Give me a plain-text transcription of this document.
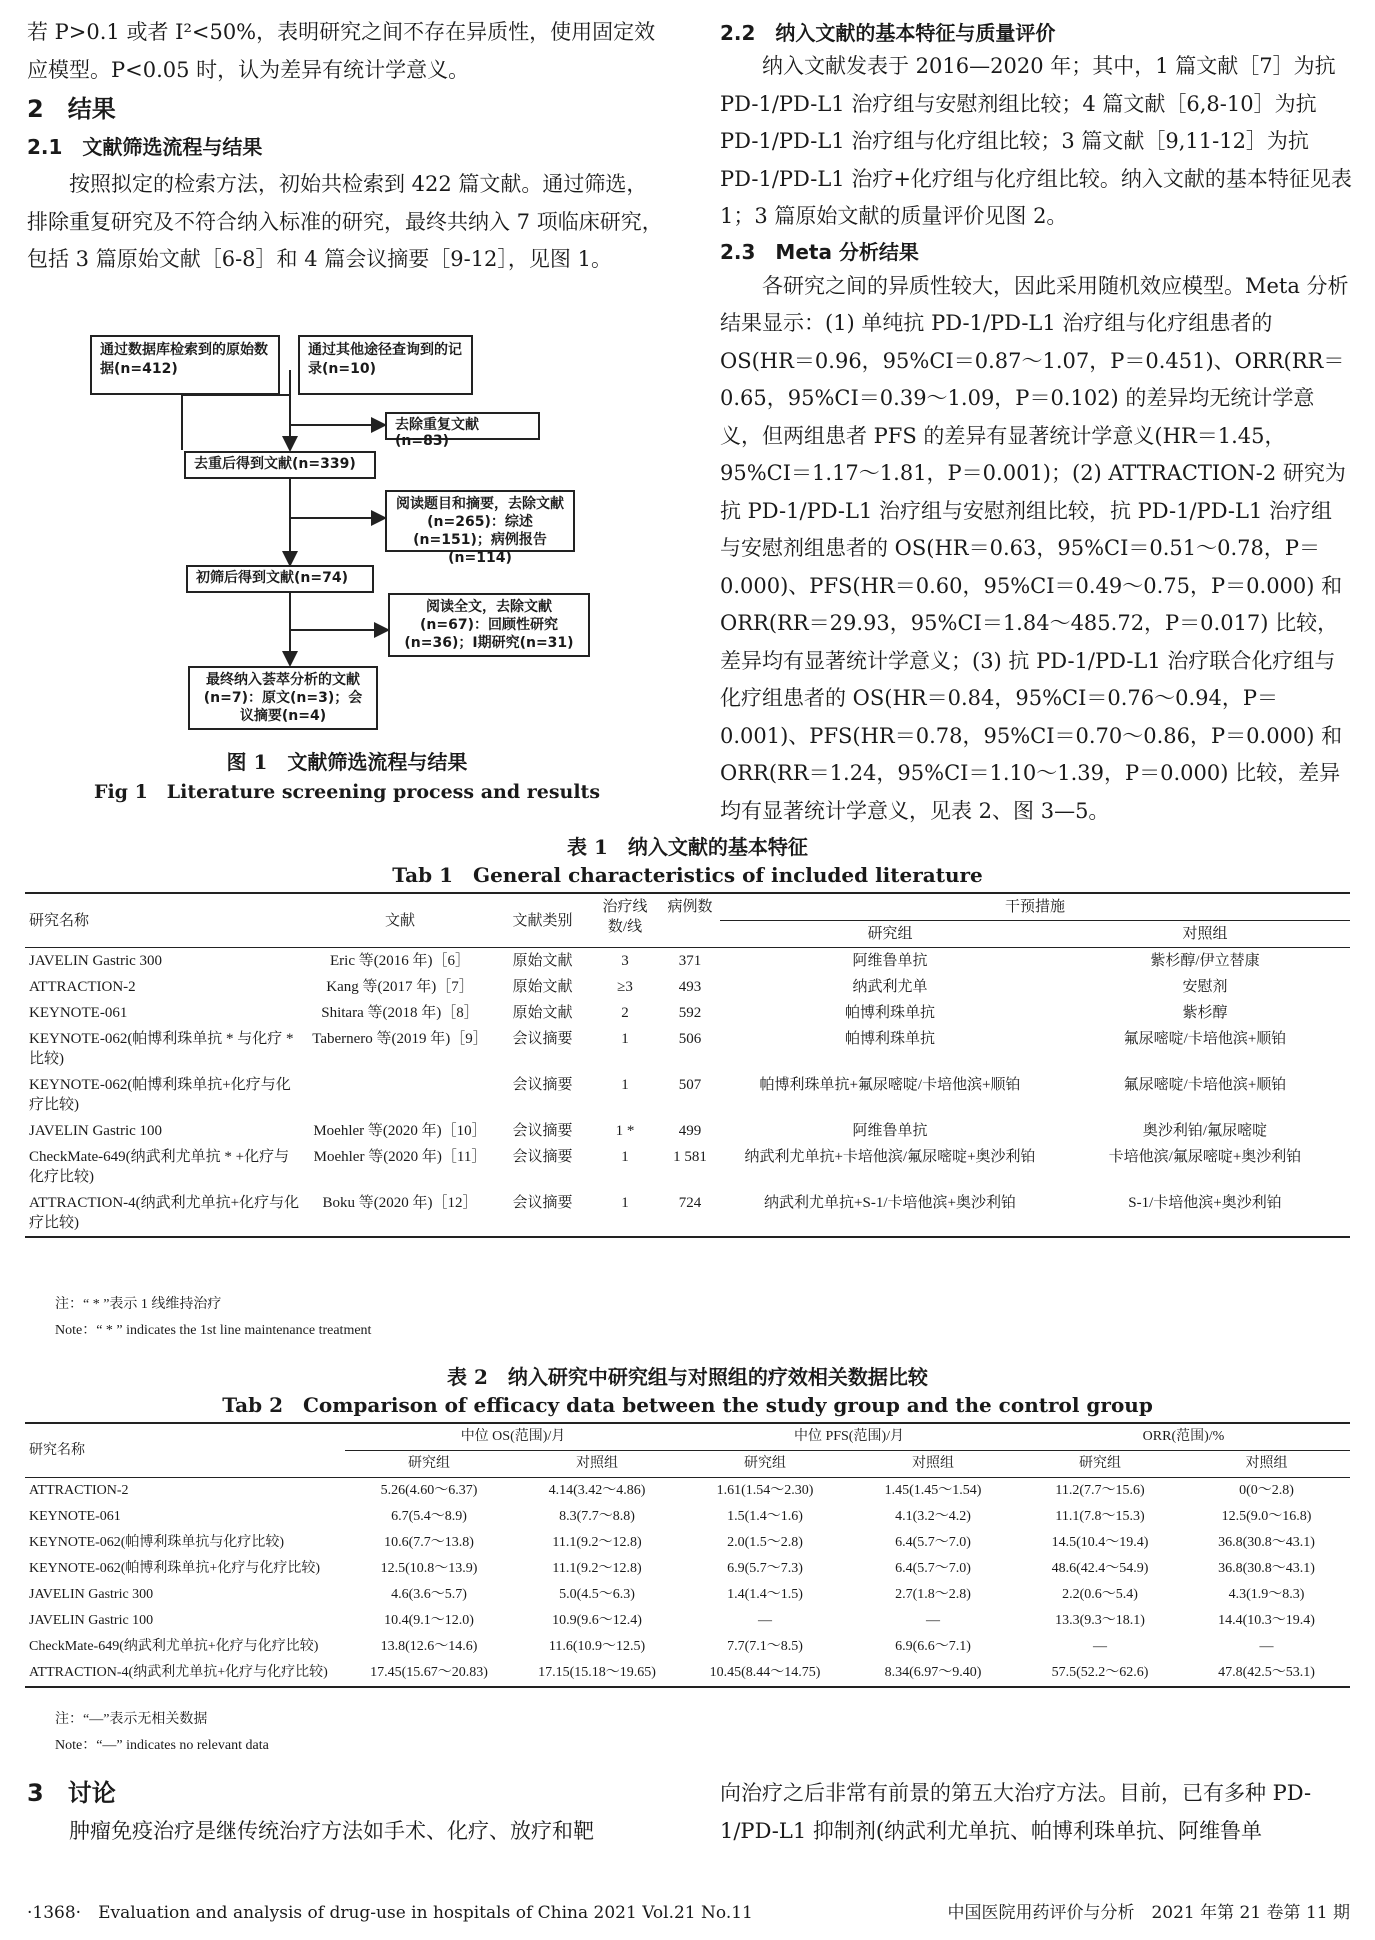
若 P>0.1 或者 I²<50%，表明研究之间不存在异质性，使用固定效应模型。P<0.05 时，认为差异有统计学意义。

2　结果

2.1　文献筛选流程与结果

按照拟定的检索方法，初始共检索到 422 篇文献。通过筛选，排除重复研究及不符合纳入标准的研究，最终共纳入 7 项临床研究，包括 3 篇原始文献［6-8］和 4 篇会议摘要［9-12］，见图 1。

通过数据库检索到的原始数据(n=412)
通过其他途径查询到的记录(n=10)
去除重复文献(n=83)
去重后得到文献(n=339)
阅读题目和摘要，去除文献(n=265)：综述(n=151)；病例报告(n=114)
初筛后得到文献(n=74)
阅读全文，去除文献(n=67)：回顾性研究(n=36)；Ⅰ期研究(n=31)
最终纳入荟萃分析的文献(n=7)：原文(n=3)；会议摘要(n=4)
图 1　文献筛选流程与结果
Fig 1　Literature screening process and results

2.2　纳入文献的基本特征与质量评价

纳入文献发表于 2016—2020 年；其中，1 篇文献［7］为抗 PD-1/PD-L1 治疗组与安慰剂组比较；4 篇文献［6,8-10］为抗 PD-1/PD-L1 治疗组与化疗组比较；3 篇文献［9,11-12］为抗 PD-1/PD-L1 治疗+化疗组与化疗组比较。纳入文献的基本特征见表 1；3 篇原始文献的质量评价见图 2。

2.3　Meta 分析结果

各研究之间的异质性较大，因此采用随机效应模型。Meta 分析结果显示：(1) 单纯抗 PD-1/PD-L1 治疗组与化疗组患者的 OS(HR＝0.96，95%CI＝0.87～1.07，P＝0.451)、ORR(RR＝0.65，95%CI＝0.39～1.09，P＝0.102) 的差异均无统计学意义，但两组患者 PFS 的差异有显著统计学意义(HR＝1.45，95%CI＝1.17～1.81，P＝0.001)；(2) ATTRACTION-2 研究为抗 PD-1/PD-L1 治疗组与安慰剂组比较，抗 PD-1/PD-L1 治疗组与安慰剂组患者的 OS(HR＝0.63，95%CI＝0.51～0.78，P＝0.000)、PFS(HR＝0.60，95%CI＝0.49～0.75，P＝0.000) 和 ORR(RR＝29.93，95%CI＝1.84～485.72，P＝0.017) 比较，差异均有显著统计学意义；(3) 抗 PD-1/PD-L1 治疗联合化疗组与化疗组患者的 OS(HR＝0.84，95%CI＝0.76～0.94，P＝0.001)、PFS(HR＝0.78，95%CI＝0.70～0.86，P＝0.000) 和 ORR(RR＝1.24，95%CI＝1.10～1.39，P＝0.000) 比较，差异均有显著统计学意义，见表 2、图 3—5。

表 1　纳入文献的基本特征
Tab 1　General characteristics of included literature
研究名称	文献	文献类别	治疗线数/线	病例数	干预措施	
					研究组	对照组
JAVELIN Gastric 300	Eric 等(2016 年)［6］	原始文献	3	371	阿维鲁单抗	紫杉醇/伊立替康
ATTRACTION-2	Kang 等(2017 年)［7］	原始文献	≥3	493	纳武利尤单	安慰剂
KEYNOTE-061	Shitara 等(2018 年)［8］	原始文献	2	592	帕博利珠单抗	紫杉醇
KEYNOTE-062(帕博利珠单抗 * 与化疗 * 比较)	Tabernero 等(2019 年)［9］	会议摘要	1	506	帕博利珠单抗	氟尿嘧啶/卡培他滨+顺铂
KEYNOTE-062(帕博利珠单抗+化疗与化疗比较)		会议摘要	1	507	帕博利珠单抗+氟尿嘧啶/卡培他滨+顺铂	氟尿嘧啶/卡培他滨+顺铂
JAVELIN Gastric 100	Moehler 等(2020 年)［10］	会议摘要	1 *	499	阿维鲁单抗	奥沙利铂/氟尿嘧啶
CheckMate-649(纳武利尤单抗 * +化疗与化疗比较)	Moehler 等(2020 年)［11］	会议摘要	1	1 581	纳武利尤单抗+卡培他滨/氟尿嘧啶+奥沙利铂	卡培他滨/氟尿嘧啶+奥沙利铂
ATTRACTION-4(纳武利尤单抗+化疗与化疗比较)	Boku 等(2020 年)［12］	会议摘要	1	724	纳武利尤单抗+S-1/卡培他滨+奥沙利铂	S-1/卡培他滨+奥沙利铂
注：“ * ”表示 1 线维持治疗
Note：“ * ” indicates the 1st line maintenance treatment
表 2　纳入研究中研究组与对照组的疗效相关数据比较
Tab 2　Comparison of efficacy data between the study group and the control group
研究名称	中位 OS(范围)/月		中位 PFS(范围)/月		ORR(范围)/%	
	研究组	对照组	研究组	对照组	研究组	对照组
ATTRACTION-2	5.26(4.60～6.37)	4.14(3.42～4.86)	1.61(1.54～2.30)	1.45(1.45～1.54)	11.2(7.7～15.6)	0(0～2.8)
KEYNOTE-061	6.7(5.4～8.9)	8.3(7.7～8.8)	1.5(1.4～1.6)	4.1(3.2～4.2)	11.1(7.8～15.3)	12.5(9.0～16.8)
KEYNOTE-062(帕博利珠单抗与化疗比较)	10.6(7.7～13.8)	11.1(9.2～12.8)	2.0(1.5～2.8)	6.4(5.7～7.0)	14.5(10.4～19.4)	36.8(30.8～43.1)
KEYNOTE-062(帕博利珠单抗+化疗与化疗比较)	12.5(10.8～13.9)	11.1(9.2～12.8)	6.9(5.7～7.3)	6.4(5.7～7.0)	48.6(42.4～54.9)	36.8(30.8～43.1)
JAVELIN Gastric 300	4.6(3.6～5.7)	5.0(4.5～6.3)	1.4(1.4～1.5)	2.7(1.8～2.8)	2.2(0.6～5.4)	4.3(1.9～8.3)
JAVELIN Gastric 100	10.4(9.1～12.0)	10.9(9.6～12.4)	—	—	13.3(9.3～18.1)	14.4(10.3～19.4)
CheckMate-649(纳武利尤单抗+化疗与化疗比较)	13.8(12.6～14.6)	11.6(10.9～12.5)	7.7(7.1～8.5)	6.9(6.6～7.1)	—	—
ATTRACTION-4(纳武利尤单抗+化疗与化疗比较)	17.45(15.67～20.83)	17.15(15.18～19.65)	10.45(8.44～14.75)	8.34(6.97～9.40)	57.5(52.2～62.6)	47.8(42.5～53.1)
注：“—”表示无相关数据
Note：“—” indicates no relevant data

3　讨论

肿瘤免疫治疗是继传统治疗方法如手术、化疗、放疗和靶

向治疗之后非常有前景的第五大治疗方法。目前，已有多种 PD-1/PD-L1 抑制剂(纳武利尤单抗、帕博利珠单抗、阿维鲁单

·1368·　Evaluation and analysis of drug-use in hospitals of China 2021 Vol.21 No.11	中国医院用药评价与分析　2021 年第 21 卷第 11 期
